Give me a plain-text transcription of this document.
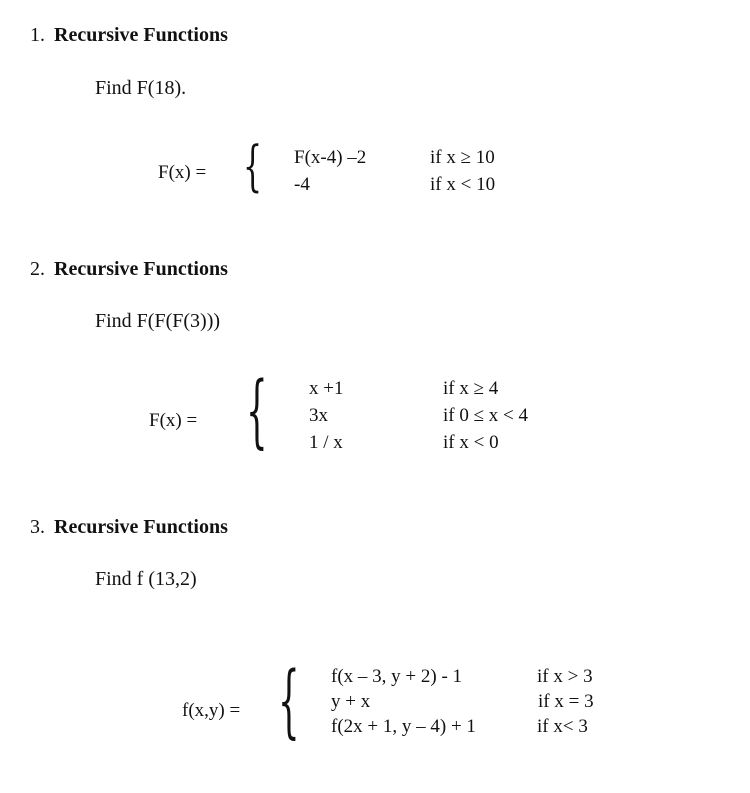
1. Recursive Functions
Find F(18).
F(x) = { F(x-4) –2	if x ≥ 10
-4	if x < 10
2. Recursive Functions
Find F(F(F(3)))
F(x) = { x +1	if x ≥ 4
3x	if 0 ≤ x < 4
1 / x	if x < 0
3. Recursive Functions
Find f (13,2)
f(x,y) = { f(x – 3, y + 2) - 1	if x > 3
y + x	if x = 3
f(2x + 1, y – 4) + 1	if x< 3
